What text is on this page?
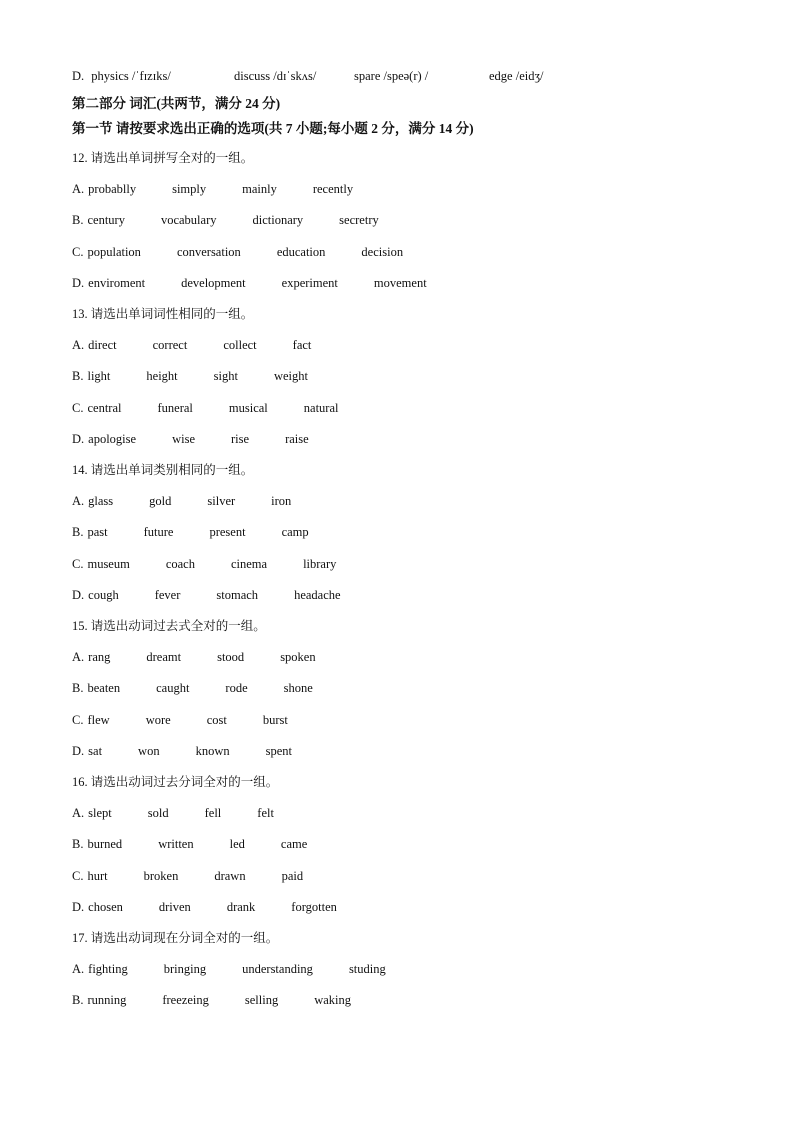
D. physics /ˈfɪzɪks/	discuss /dɪˈskʌs/	spare /speə(r) /	edge /eidʒ/
第二部分 词汇(共两节，满分 24 分)
第一节 请按要求选出正确的选项(共 7 小题;每小题 2 分，满分 14 分)
12. 请选出单词拼写全对的一组。
A. probablly	simply	mainly	recently
B. century	vocabulary	dictionary	secretry
C. population	conversation	education	decision
D. enviroment	development	experiment	movement
13. 请选出单词词性相同的一组。
A. direct	correct	collect	fact
B. light	height	sight	weight
C. central	funeral	musical	natural
D. apologise	wise	rise	raise
14. 请选出单词类别相同的一组。
A. glass	gold	silver	iron
B. past	future	present	camp
C. museum	coach	cinema	library
D. cough	fever	stomach	headache
15. 请选出动词过去式全对的一组。
A. rang	dreamt	stood	spoken
B. beaten	caught	rode	shone
C. flew	wore	cost	burst
D. sat	won	known	spent
16. 请选出动词过去分词全对的一组。
A. slept	sold	fell	felt
B. burned	written	led	came
C. hurt	broken	drawn	paid
D. chosen	driven	drank	forgotten
17. 请选出动词现在分词全对的一组。
A. fighting	bringing	understanding	studing
B. running	freezeing	selling	waking
